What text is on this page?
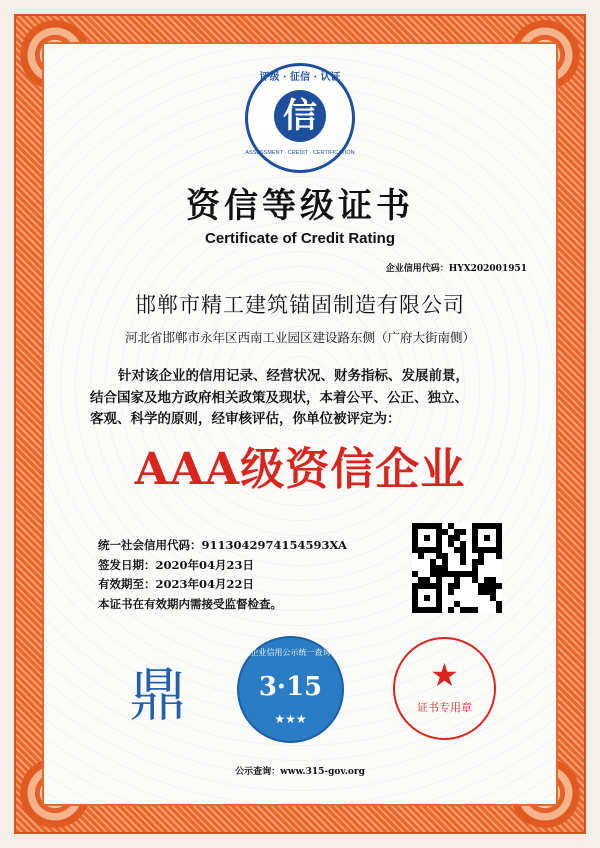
评级 · 征信 · 认证
信
ASSESSMENT · CREDIT · CERTIFICATION
资信等级证书
Certificate of Credit Rating
企业信用代码：HYX202001951
邯郸市精工建筑锚固制造有限公司
河北省邯郸市永年区西南工业园区建设路东侧（广府大街南侧）
针对该企业的信用记录、经营状况、财务指标、发展前景，
结合国家及地方政府相关政策及现状，本着公平、公正、独立、
客观、科学的原则，经审核评估，你单位被评定为：
AAA级资信企业
统一社会信用代码：9113042974154593XA
签发日期：2020年04月23日
有效期至：2023年04月22日
本证书在有效期内需接受监督检查。
鼎
全国企业信用公示统一查询平台
3·15
★★★
★
证书专用章
公示查询：www.315-gov.org
